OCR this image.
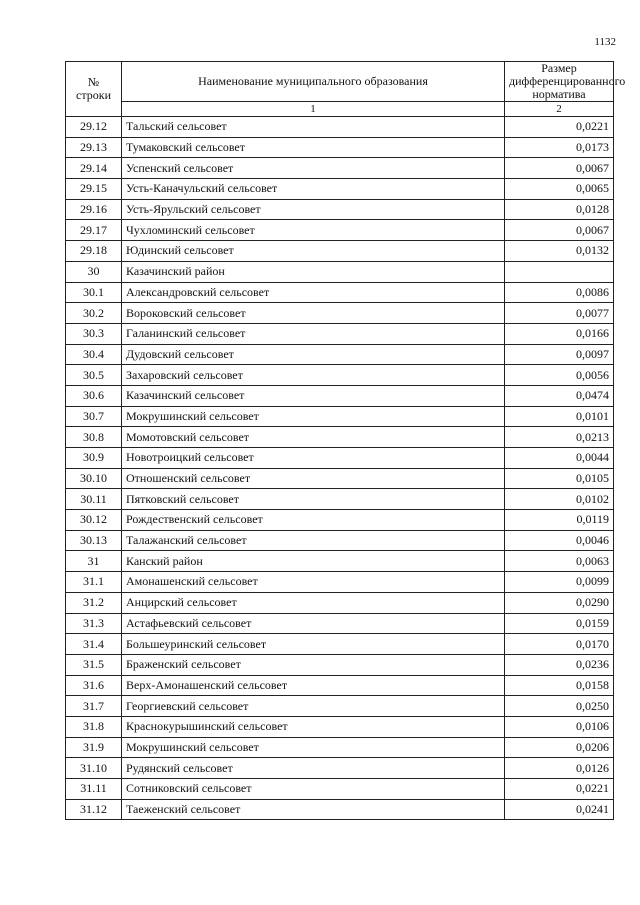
1132
№ строки	Наименование муниципального образования	Размер дифференцированного норматива
	1	2
29.12	Тальский сельсовет	0,0221
29.13	Тумаковский сельсовет	0,0173
29.14	Успенский сельсовет	0,0067
29.15	Усть-Каначульский сельсовет	0,0065
29.16	Усть-Ярульский сельсовет	0,0128
29.17	Чухломинский сельсовет	0,0067
29.18	Юдинский сельсовет	0,0132
30	Казачинский район	
30.1	Александровский сельсовет	0,0086
30.2	Вороковский сельсовет	0,0077
30.3	Галанинский сельсовет	0,0166
30.4	Дудовский сельсовет	0,0097
30.5	Захаровский сельсовет	0,0056
30.6	Казачинский сельсовет	0,0474
30.7	Мокрушинский сельсовет	0,0101
30.8	Момотовский сельсовет	0,0213
30.9	Новотроицкий сельсовет	0,0044
30.10	Отношенский сельсовет	0,0105
30.11	Пятковский сельсовет	0,0102
30.12	Рождественский сельсовет	0,0119
30.13	Талажанский сельсовет	0,0046
31	Канский район	0,0063
31.1	Амонашенский сельсовет	0,0099
31.2	Анцирский сельсовет	0,0290
31.3	Астафьевский сельсовет	0,0159
31.4	Большеуринский сельсовет	0,0170
31.5	Браженский сельсовет	0,0236
31.6	Верх-Амонашенский сельсовет	0,0158
31.7	Георгиевский сельсовет	0,0250
31.8	Краснокурышинский сельсовет	0,0106
31.9	Мокрушинский сельсовет	0,0206
31.10	Рудянский сельсовет	0,0126
31.11	Сотниковский сельсовет	0,0221
31.12	Таеженский сельсовет	0,0241
